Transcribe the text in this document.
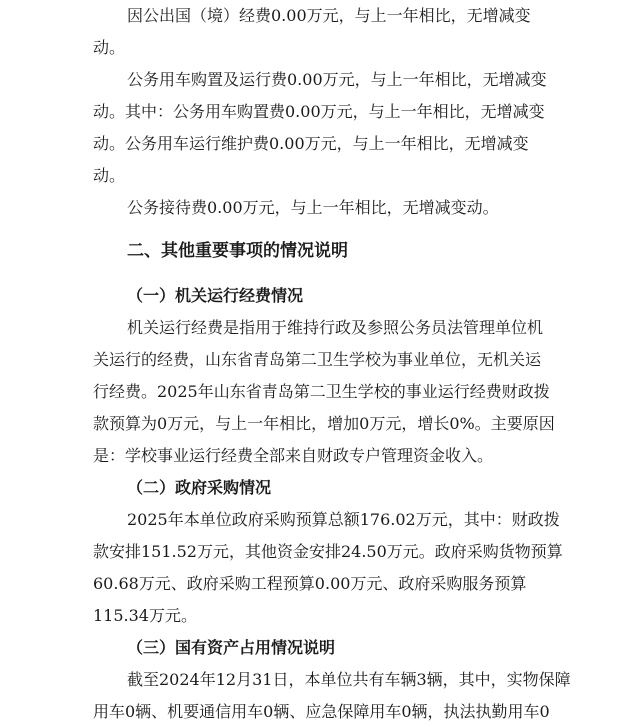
因公出国（境）经费0.00万元，与上一年相比，无增减变
动。
公务用车购置及运行费0.00万元，与上一年相比，无增减变
动。其中：公务用车购置费0.00万元，与上一年相比，无增减变
动。公务用车运行维护费0.00万元，与上一年相比，无增减变
动。
公务接待费0.00万元，与上一年相比，无增减变动。
二、其他重要事项的情况说明
（一）机关运行经费情况
机关运行经费是指用于维持行政及参照公务员法管理单位机
关运行的经费，山东省青岛第二卫生学校为事业单位，无机关运
行经费。2025年山东省青岛第二卫生学校的事业运行经费财政拨
款预算为0万元，与上一年相比，增加0万元，增长0%。主要原因
是：学校事业运行经费全部来自财政专户管理资金收入。
（二）政府采购情况
2025年本单位政府采购预算总额176.02万元，其中：财政拨
款安排151.52万元，其他资金安排24.50万元。政府采购货物预算
60.68万元、政府采购工程预算0.00万元、政府采购服务预算
115.34万元。
（三）国有资产占用情况说明
截至2024年12月31日，本单位共有车辆3辆，其中，实物保障
用车0辆、机要通信用车0辆、应急保障用车0辆，执法执勤用车0
